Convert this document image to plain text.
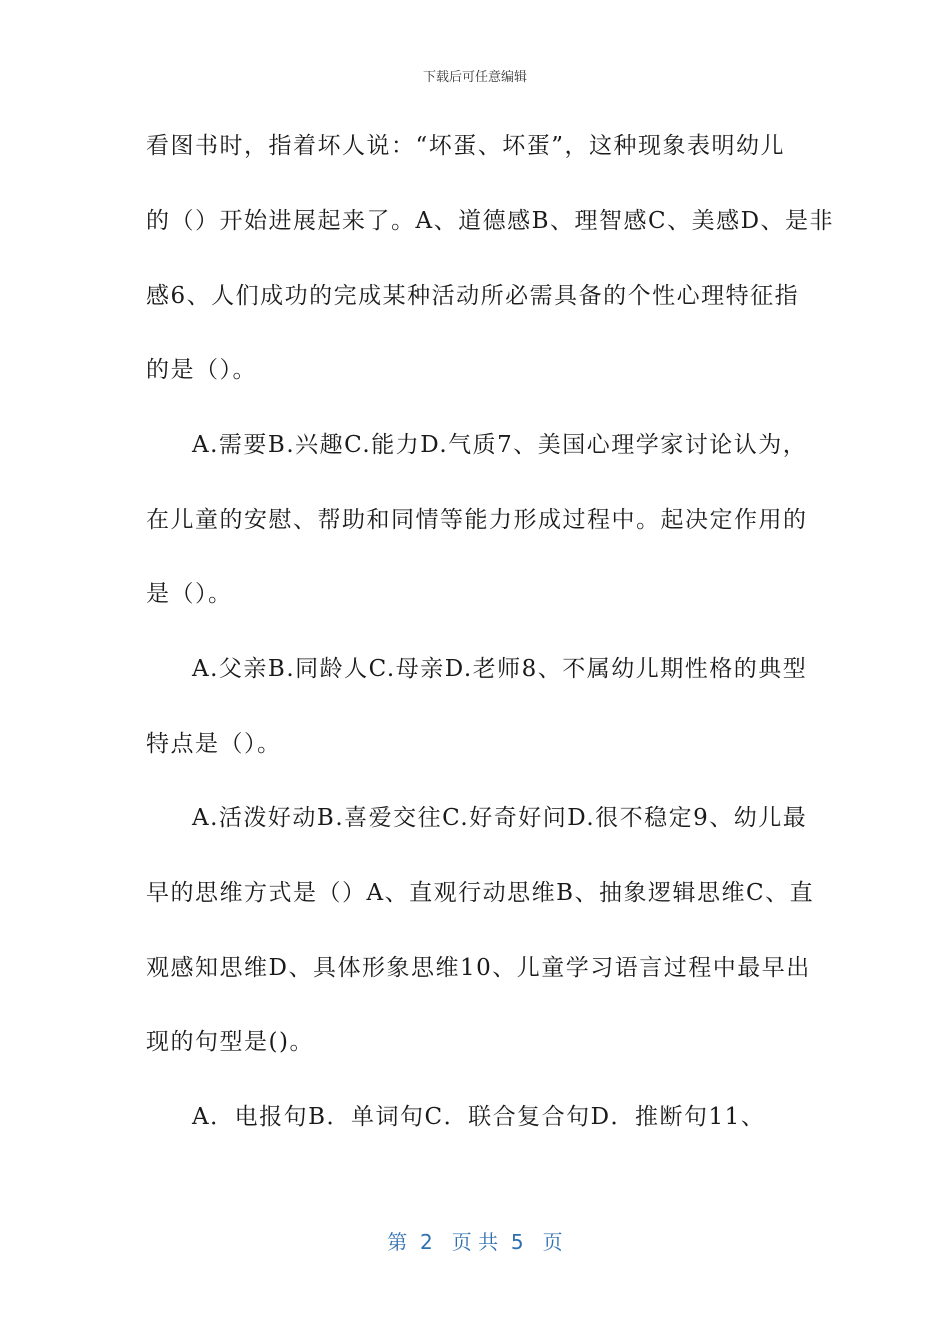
下载后可任意编辑
看图书时，指着坏人说：“坏蛋、坏蛋”，这种现象表明幼儿
的（）开始进展起来了。A、道德感B、理智感C、美感D、是非
感6、人们成功的完成某种活动所必需具备的个性心理特征指
的是（）。
A.需要B.兴趣C.能力D.气质7、美国心理学家讨论认为，
在儿童的安慰、帮助和同情等能力形成过程中。起决定作用的
是（）。
A.父亲B.同龄人C.母亲D.老师8、不属幼儿期性格的典型
特点是（）。
A.活泼好动B.喜爱交往C.好奇好问D.很不稳定9、幼儿最
早的思维方式是（）A、直观行动思维B、抽象逻辑思维C、直
观感知思维D、具体形象思维10、儿童学习语言过程中最早出
现的句型是()。
A．电报句B．单词句C．联合复合句D．推断句11、
第  2   页 共  5   页
